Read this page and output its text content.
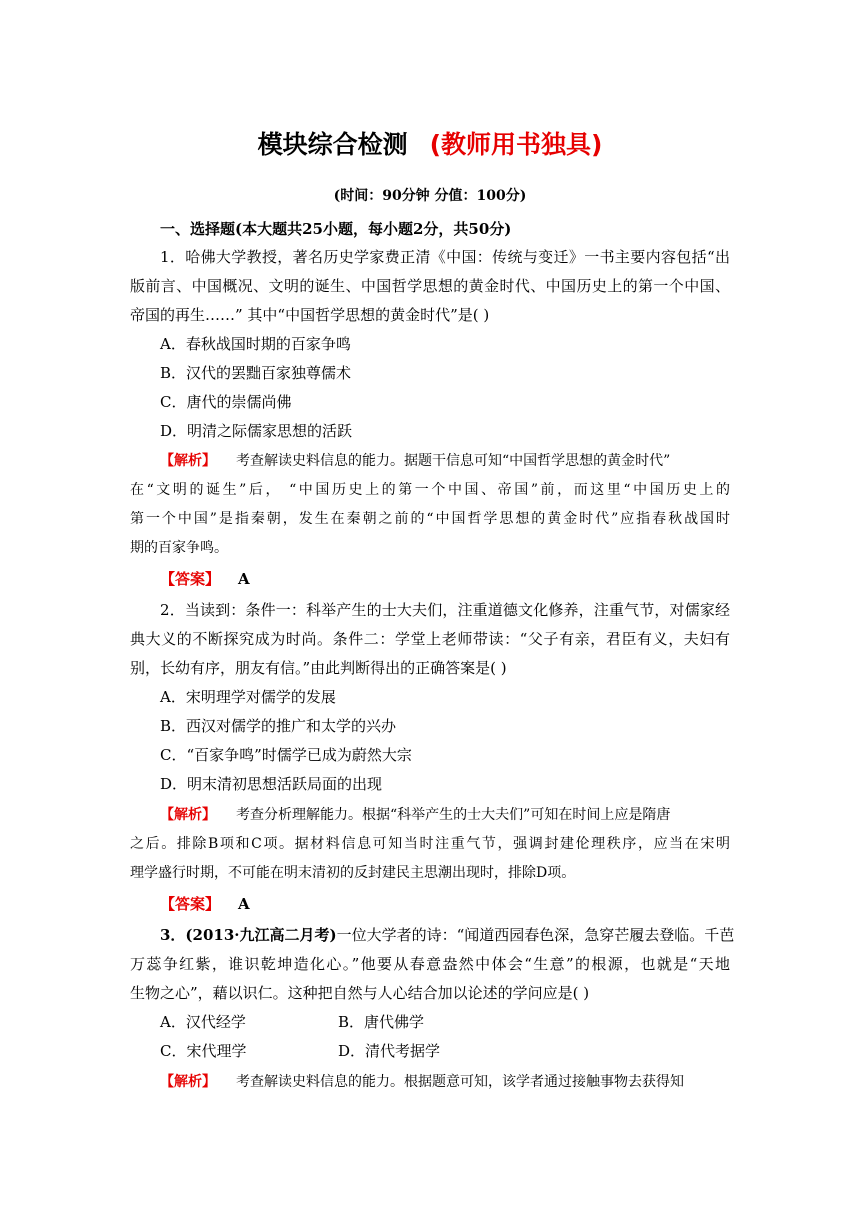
模块综合检测 (教师用书独具)
(时间：90分钟 分值：100分)
一、选择题(本大题共25小题，每小题2分，共50分)
1．哈佛大学教授，著名历史学家费正清《中国：传统与变迁》一书主要内容包括“出
版前言、中国概况、文明的诞生、中国哲学思想的黄金时代、中国历史上的第一个中国、
帝国的再生……” 其中“中国哲学思想的黄金时代”是( )
A．春秋战国时期的百家争鸣
B．汉代的罢黜百家独尊儒术
C．唐代的崇儒尚佛
D．明清之际儒家思想的活跃
【解析】 考查解读史料信息的能力。据题干信息可知“中国哲学思想的黄金时代”
在“文明的诞生”后， “中国历史上的第一个中国、帝国”前，而这里“中国历史上的
第一个中国”是指秦朝，发生在秦朝之前的“中国哲学思想的黄金时代”应指春秋战国时
期的百家争鸣。
【答案】 A
2．当读到：条件一：科举产生的士大夫们，注重道德文化修养，注重气节，对儒家经
典大义的不断探究成为时尚。条件二：学堂上老师带读：“父子有亲，君臣有义，夫妇有
别，长幼有序，朋友有信。”由此判断得出的正确答案是( )
A．宋明理学对儒学的发展
B．西汉对儒学的推广和太学的兴办
C．“百家争鸣”时儒学已成为蔚然大宗
D．明末清初思想活跃局面的出现
【解析】 考查分析理解能力。根据“科举产生的士大夫们”可知在时间上应是隋唐
之后。排除B项和C项。据材料信息可知当时注重气节，强调封建伦理秩序，应当在宋明
理学盛行时期，不可能在明末清初的反封建民主思潮出现时，排除D项。
【答案】 A
3．(2013·九江高二月考)一位大学者的诗：“闻道西园春色深，急穿芒履去登临。千芭
万蕊争红紫，谁识乾坤造化心。”他要从春意盎然中体会“生意”的根源，也就是“天地
生物之心”，藉以识仁。这种把自然与人心结合加以论述的学问应是( )
A．汉代经学	B．唐代佛学
C．宋代理学	D．清代考据学
【解析】 考查解读史料信息的能力。根据题意可知，该学者通过接触事物去获得知
